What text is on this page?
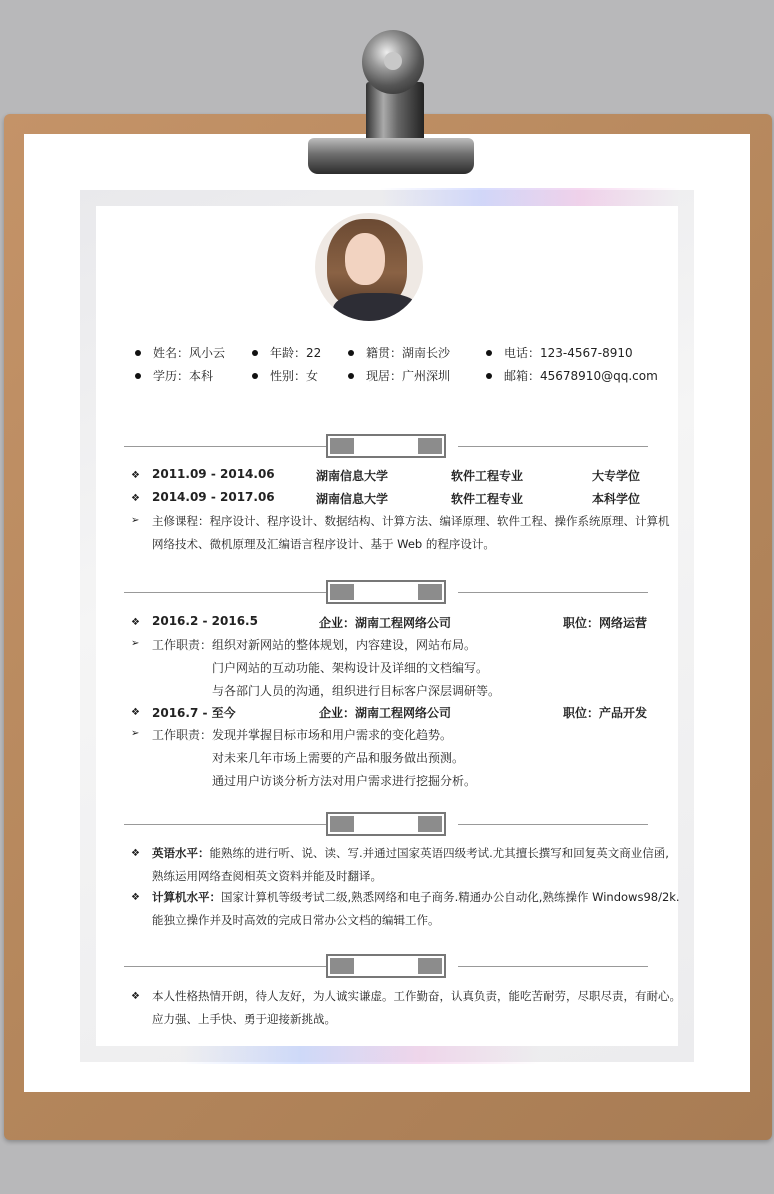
姓名：风小云	年龄：22	籍贯：湖南长沙	电话：123-4567-8910
学历：本科	性别：女	现居：广州深圳	邮箱：45678910@qq.com
❖ 2011.09 - 2014.06	湖南信息大学	软件工程专业	大专学位
❖ 2014.09 - 2017.06	湖南信息大学	软件工程专业	本科学位
➢ 主修课程：程序设计、程序设计、数据结构、计算方法、编译原理、软件工程、操作系统原理、计算机
网络技术、微机原理及汇编语言程序设计、基于 Web 的程序设计。
❖ 2016.2 - 2016.5	企业：湖南工程网络公司	职位：网络运营
➢ 工作职责： 组织对新网站的整体规划，内容建设，网站布局。
门户网站的互动功能、架构设计及详细的文档编写。
与各部门人员的沟通，组织进行目标客户深层调研等。
❖ 2016.7 - 至今	企业：湖南工程网络公司	职位：产品开发
➢ 工作职责： 发现并掌握目标市场和用户需求的变化趋势。
对未来几年市场上需要的产品和服务做出预测。
通过用户访谈分析方法对用户需求进行挖掘分析。
❖ 英语水平：能熟练的进行听、说、读、写.并通过国家英语四级考试.尤其擅长撰写和回复英文商业信函,
熟练运用网络查阅相英文资料并能及时翻译。
❖ 计算机水平：国家计算机等级考试二级,熟悉网络和电子商务.精通办公自动化,熟练操作 Windows98/2k.
能独立操作并及时高效的完成日常办公文档的编辑工作。
❖ 本人性格热情开朗，待人友好，为人诚实谦虚。工作勤奋，认真负责，能吃苦耐劳，尽职尽责，有耐心。
应力强、上手快、勇于迎接新挑战。
